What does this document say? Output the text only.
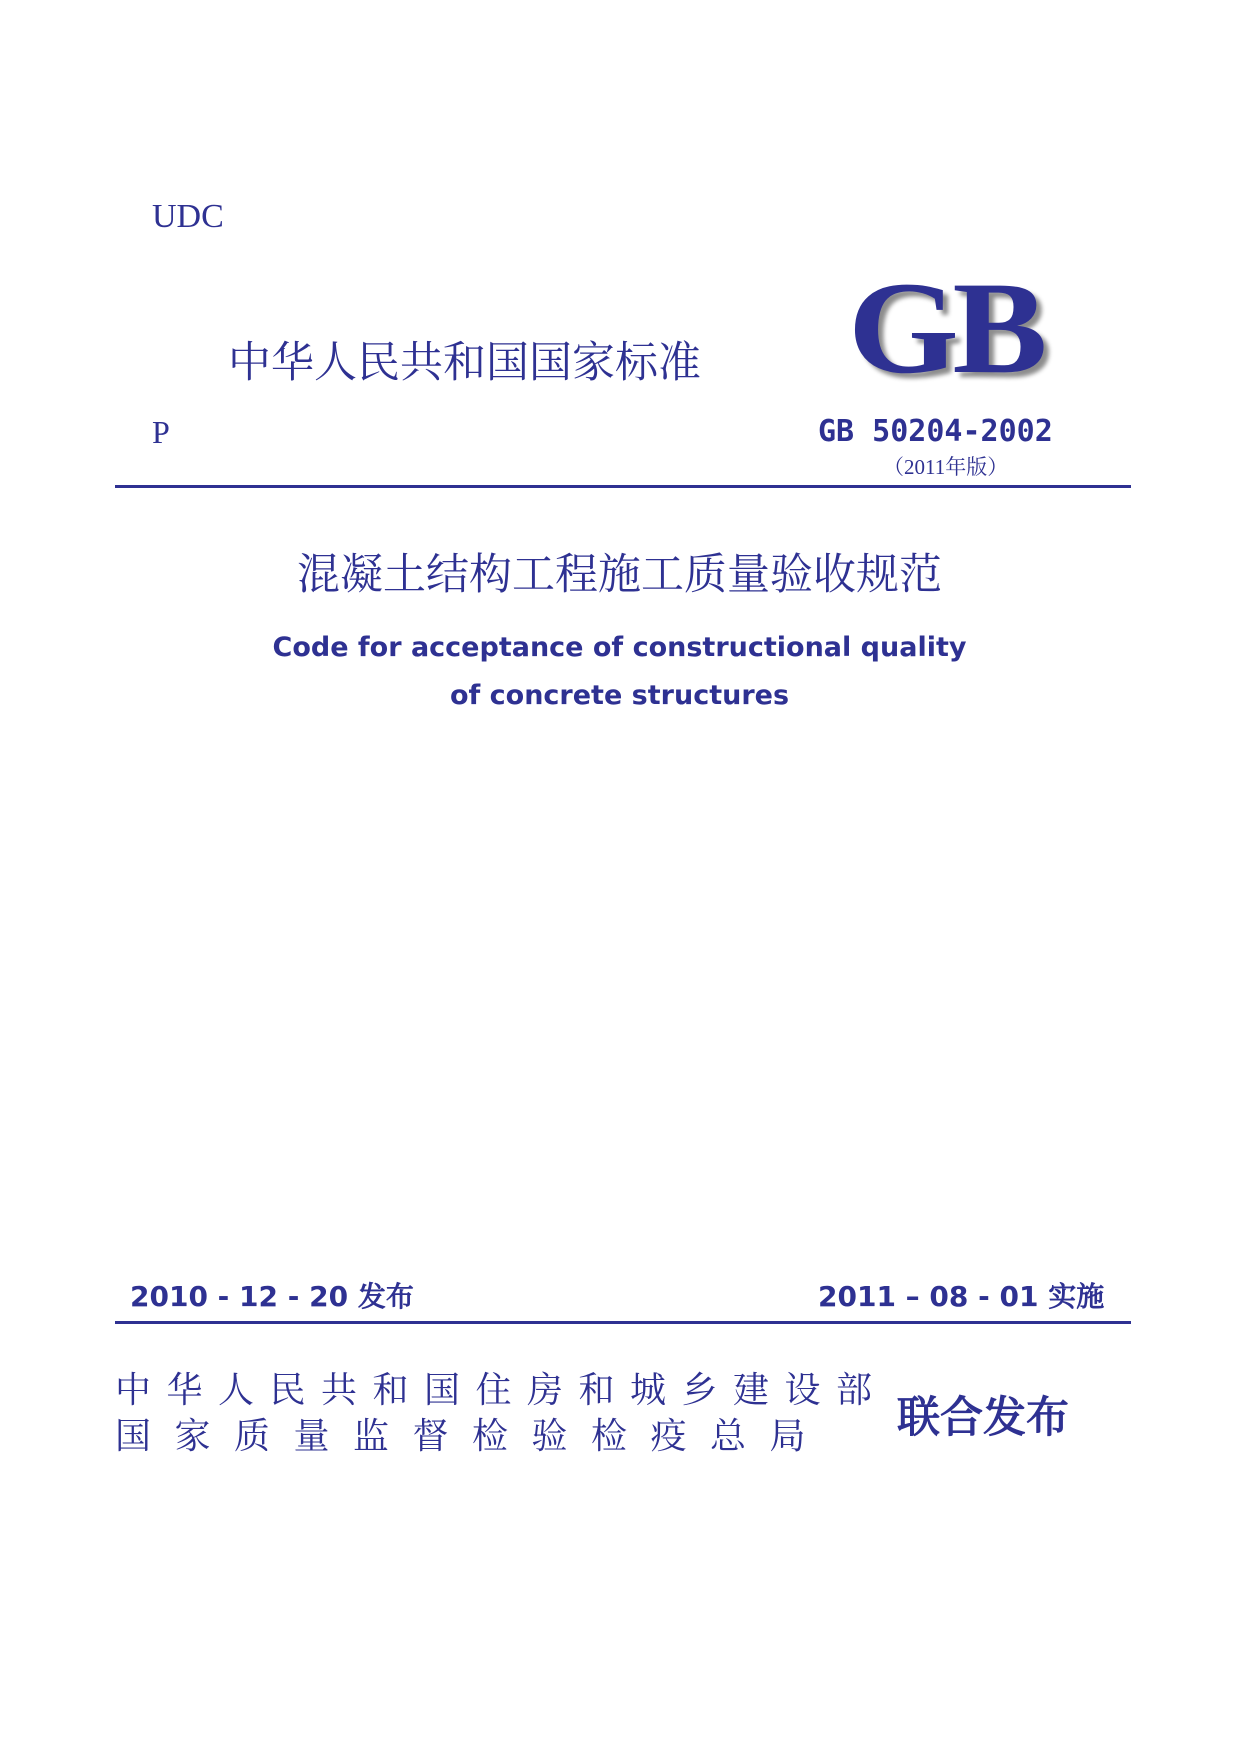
UDC
中华人民共和国国家标准 GB
P	GB 50204-2002
（2011年版）
混凝土结构工程施工质量验收规范
Code for acceptance of constructional quality
of concrete structures
2010 - 12 - 20 发布	2011 – 08 - 01 实施
中华人民共和国住房和城乡建设部
国家质量监督检验检疫总局 联合发布
